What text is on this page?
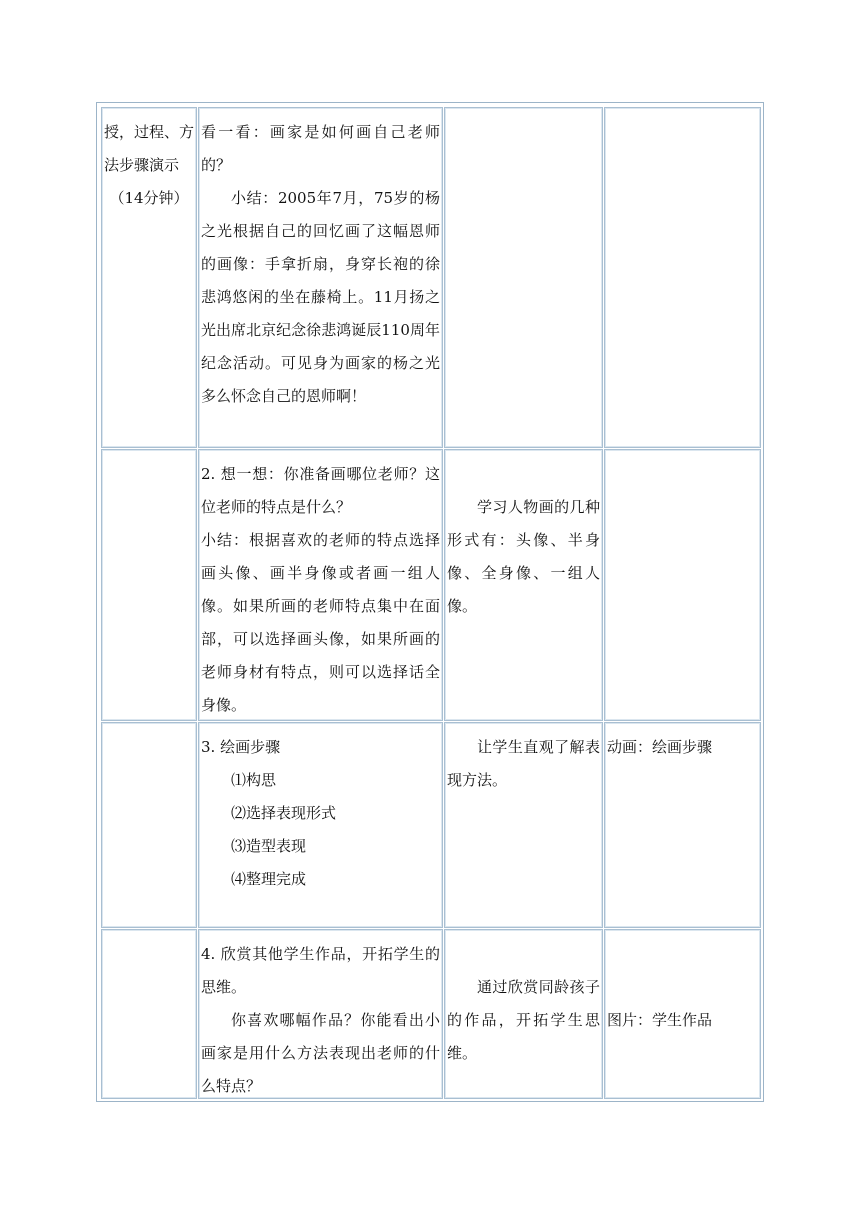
授，过程、方

法步骤演示

（14分钟）

看一看：画家是如何画自己老师的？

小结：2005年7月，75岁的杨之光根据自己的回忆画了这幅恩师的画像：手拿折扇，身穿长袍的徐悲鸿悠闲的坐在藤椅上。11月扬之光出席北京纪念徐悲鸿诞辰110周年纪念活动。可见身为画家的杨之光多么怀念自己的恩师啊！

2. 想一想：你准备画哪位老师？这位老师的特点是什么？

小结：根据喜欢的老师的特点选择画头像、画半身像或者画一组人像。如果所画的老师特点集中在面部，可以选择画头像，如果所画的老师身材有特点，则可以选择话全身像。

学习人物画的几种形式有：头像、半身像、全身像、一组人像。

3. 绘画步骤

⑴构思

⑵选择表现形式

⑶造型表现

⑷整理完成

让学生直观了解表现方法。

动画：绘画步骤

4. 欣赏其他学生作品，开拓学生的思维。

你喜欢哪幅作品？你能看出小画家是用什么方法表现出老师的什么特点？

通过欣赏同龄孩子的作品，开拓学生思维。

图片：学生作品
